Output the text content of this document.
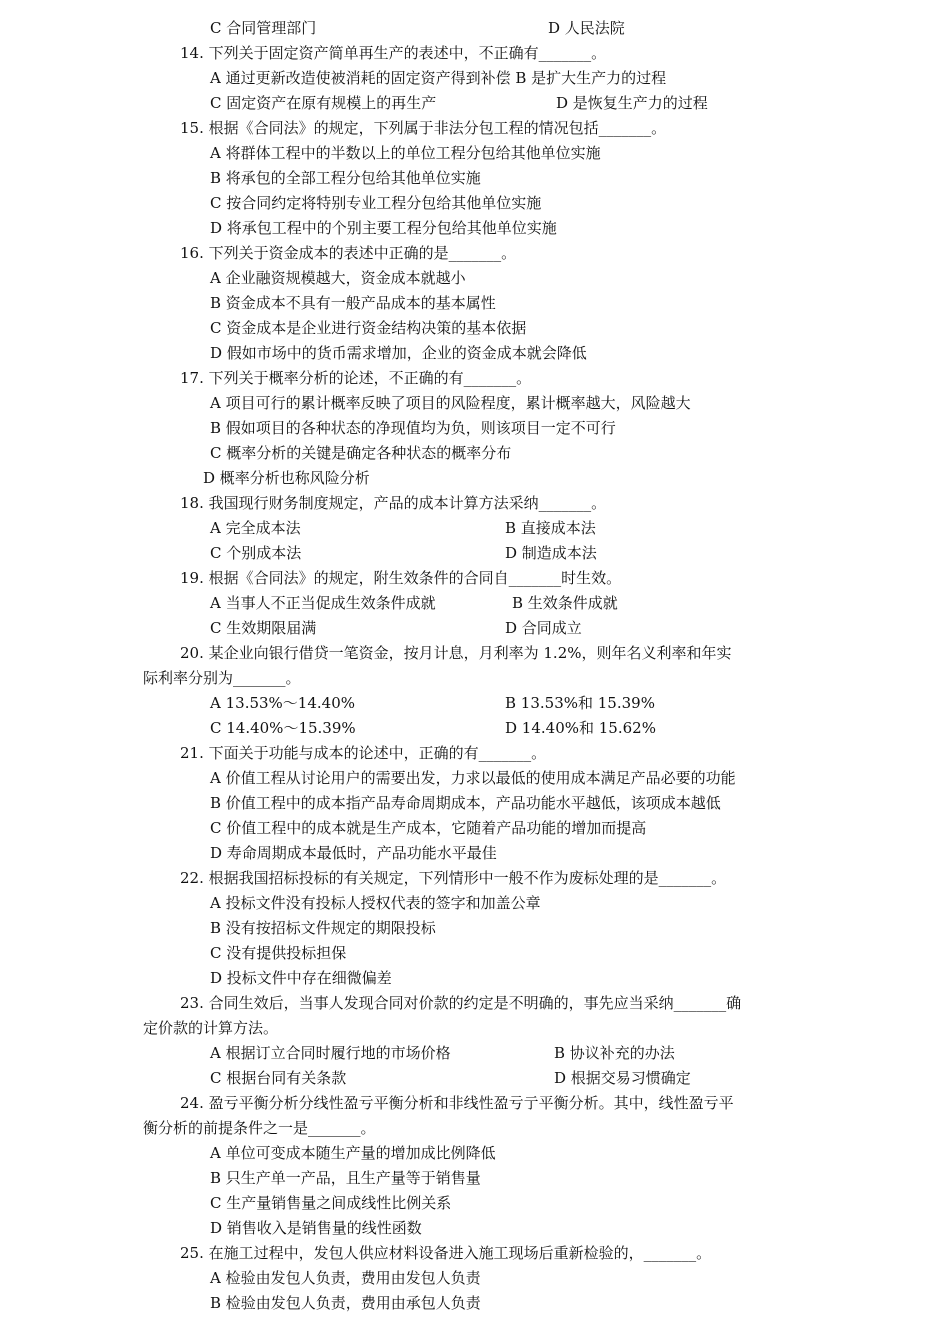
C 合同管理部门	D 人民法院
14. 下列关于固定资产简单再生产的表述中，不正确有_______。
A 通过更新改造使被消耗的固定资产得到补偿 B 是扩大生产力的过程
C 固定资产在原有规模上的再生产	D 是恢复生产力的过程
15. 根据《合同法》的规定，下列属于非法分包工程的情况包括_______。
A 将群体工程中的半数以上的单位工程分包给其他单位实施
B 将承包的全部工程分包给其他单位实施
C 按合同约定将特别专业工程分包给其他单位实施
D 将承包工程中的个别主要工程分包给其他单位实施
16. 下列关于资金成本的表述中正确的是_______。
A 企业融资规模越大，资金成本就越小
B 资金成本不具有一般产品成本的基本属性
C 资金成本是企业进行资金结构决策的基本依据
D 假如市场中的货币需求增加，企业的资金成本就会降低
17. 下列关于概率分析的论述，不正确的有_______。
A 项目可行的累计概率反映了项目的风险程度，累计概率越大，风险越大
B 假如项目的各种状态的净现值均为负，则该项目一定不可行
C 概率分析的关键是确定各种状态的概率分布
D 概率分析也称风险分析
18. 我国现行财务制度规定，产品的成本计算方法采纳_______。
A 完全成本法	B 直接成本法
C 个别成本法	D 制造成本法
19. 根据《合同法》的规定，附生效条件的合同自_______时生效。
A 当事人不正当促成生效条件成就	B 生效条件成就
C 生效期限届满	D 合同成立
20. 某企业向银行借贷一笔资金，按月计息，月利率为 1.2%，则年名义利率和年实
际利率分别为_______。
A 13.53%～14.40%	B 13.53%和 15.39%
C 14.40%～15.39%	D 14.40%和 15.62%
21. 下面关于功能与成本的论述中，正确的有_______。
A 价值工程从讨论用户的需要出发，力求以最低的使用成本满足产品必要的功能
B 价值工程中的成本指产品寿命周期成本，产品功能水平越低，该项成本越低
C 价值工程中的成本就是生产成本，它随着产品功能的增加而提高
D 寿命周期成本最低时，产品功能水平最佳
22. 根据我国招标投标的有关规定，下列情形中一般不作为废标处理的是_______。
A 投标文件没有投标人授权代表的签字和加盖公章
B 没有按招标文件规定的期限投标
C 没有提供投标担保
D 投标文件中存在细微偏差
23. 合同生效后，当事人发现合同对价款的约定是不明确的，事先应当采纳_______确
定价款的计算方法。
A 根据订立合同时履行地的市场价格	B 协议补充的办法
C 根据台同有关条款	D 根据交易习惯确定
24. 盈亏平衡分析分线性盈亏平衡分析和非线性盈亏亍平衡分析。其中，线性盈亏平
衡分析的前提条件之一是_______。
A 单位可变成本随生产量的增加成比例降低
B 只生产单一产品，且生产量等于销售量
C 生产量销售量之间成线性比例关系
D 销售收入是销售量的线性函数
25. 在施工过程中，发包人供应材料设备进入施工现场后重新检验的，_______。
A 检验由发包人负责，费用由发包人负责
B 检验由发包人负责，费用由承包人负责
